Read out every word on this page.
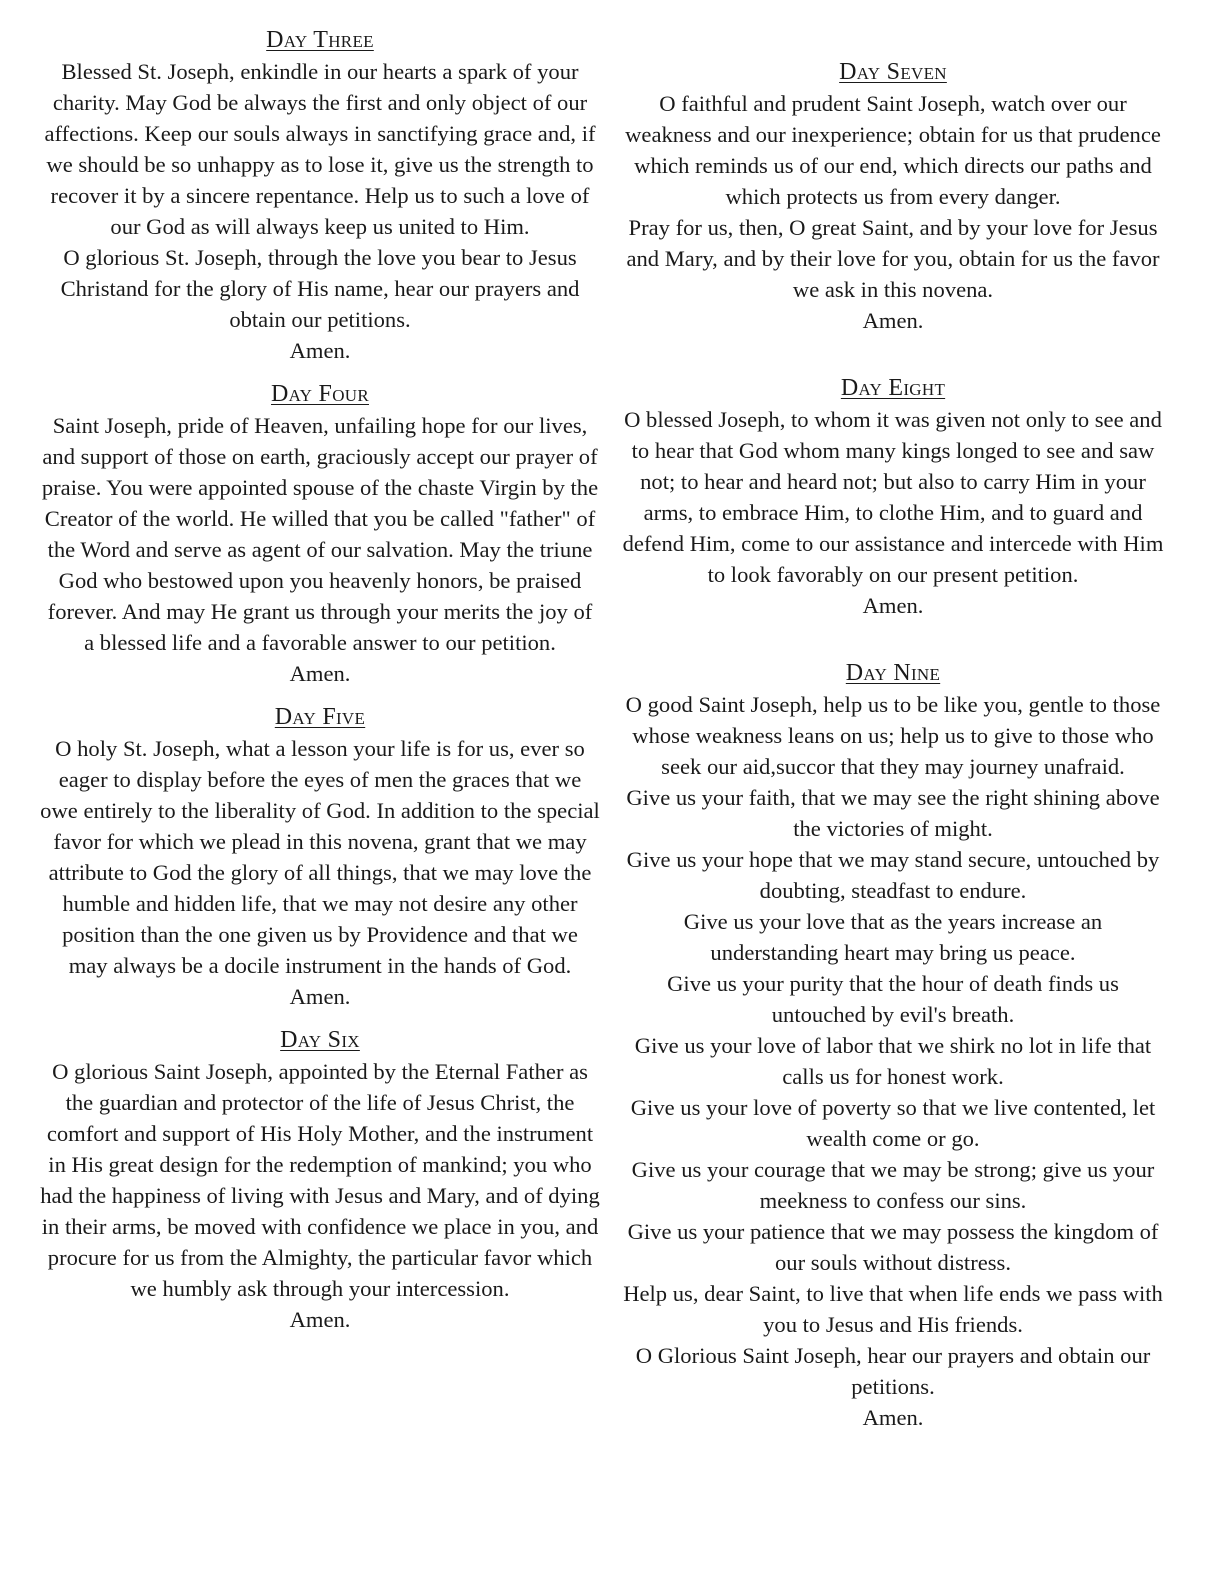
Day Three
Blessed St. Joseph, enkindle in our hearts a spark of your charity. May God be always the first and only object of our affections. Keep our souls always in sanctifying grace and, if we should be so unhappy as to lose it, give us the strength to recover it by a sincere repentance. Help us to such a love of our God as will always keep us united to Him.
O glorious St. Joseph, through the love you bear to Jesus Christand for the glory of His name, hear our prayers and obtain our petitions.
Amen.
Day Four
Saint Joseph, pride of Heaven, unfailing hope for our lives, and support of those on earth, graciously accept our prayer of praise. You were appointed spouse of the chaste Virgin by the Creator of the world. He willed that you be called "father" of the Word and serve as agent of our salvation. May the triune God who bestowed upon you heavenly honors, be praised forever. And may He grant us through your merits the joy of a blessed life and a favorable answer to our petition.
Amen.
Day Five
O holy St. Joseph, what a lesson your life is for us, ever so eager to display before the eyes of men the graces that we owe entirely to the liberality of God. In addition to the special favor for which we plead in this novena, grant that we may attribute to God the glory of all things, that we may love the humble and hidden life, that we may not desire any other position than the one given us by Providence and that we may always be a docile instrument in the hands of God.
Amen.
Day Six
O glorious Saint Joseph, appointed by the Eternal Father as the guardian and protector of the life of Jesus Christ, the comfort and support of His Holy Mother, and the instrument in His great design for the redemption of mankind; you who had the happiness of living with Jesus and Mary, and of dying in their arms, be moved with confidence we place in you, and procure for us from the Almighty, the particular favor which we humbly ask through your intercession.
Amen.
Day Seven
O faithful and prudent Saint Joseph, watch over our weakness and our inexperience; obtain for us that prudence which reminds us of our end, which directs our paths and which protects us from every danger.
Pray for us, then, O great Saint, and by your love for Jesus and Mary, and by their love for you, obtain for us the favor we ask in this novena.
Amen.
Day Eight
O blessed Joseph, to whom it was given not only to see and to hear that God whom many kings longed to see and saw not; to hear and heard not; but also to carry Him in your arms, to embrace Him, to clothe Him, and to guard and defend Him, come to our assistance and intercede with Him to look favorably on our present petition.
Amen.
Day Nine
O good Saint Joseph, help us to be like you, gentle to those whose weakness leans on us; help us to give to those who seek our aid,succor that they may journey unafraid.
Give us your faith, that we may see the right shining above the victories of might.
Give us your hope that we may stand secure, untouched by doubting, steadfast to endure.
Give us your love that as the years increase an understanding heart may bring us peace.
Give us your purity that the hour of death finds us untouched by evil's breath.
Give us your love of labor that we shirk no lot in life that calls us for honest work.
Give us your love of poverty so that we live contented, let wealth come or go.
Give us your courage that we may be strong; give us your meekness to confess our sins.
Give us your patience that we may possess the kingdom of our souls without distress.
Help us, dear Saint, to live that when life ends we pass with you to Jesus and His friends.
O Glorious Saint Joseph, hear our prayers and obtain our petitions.
Amen.
